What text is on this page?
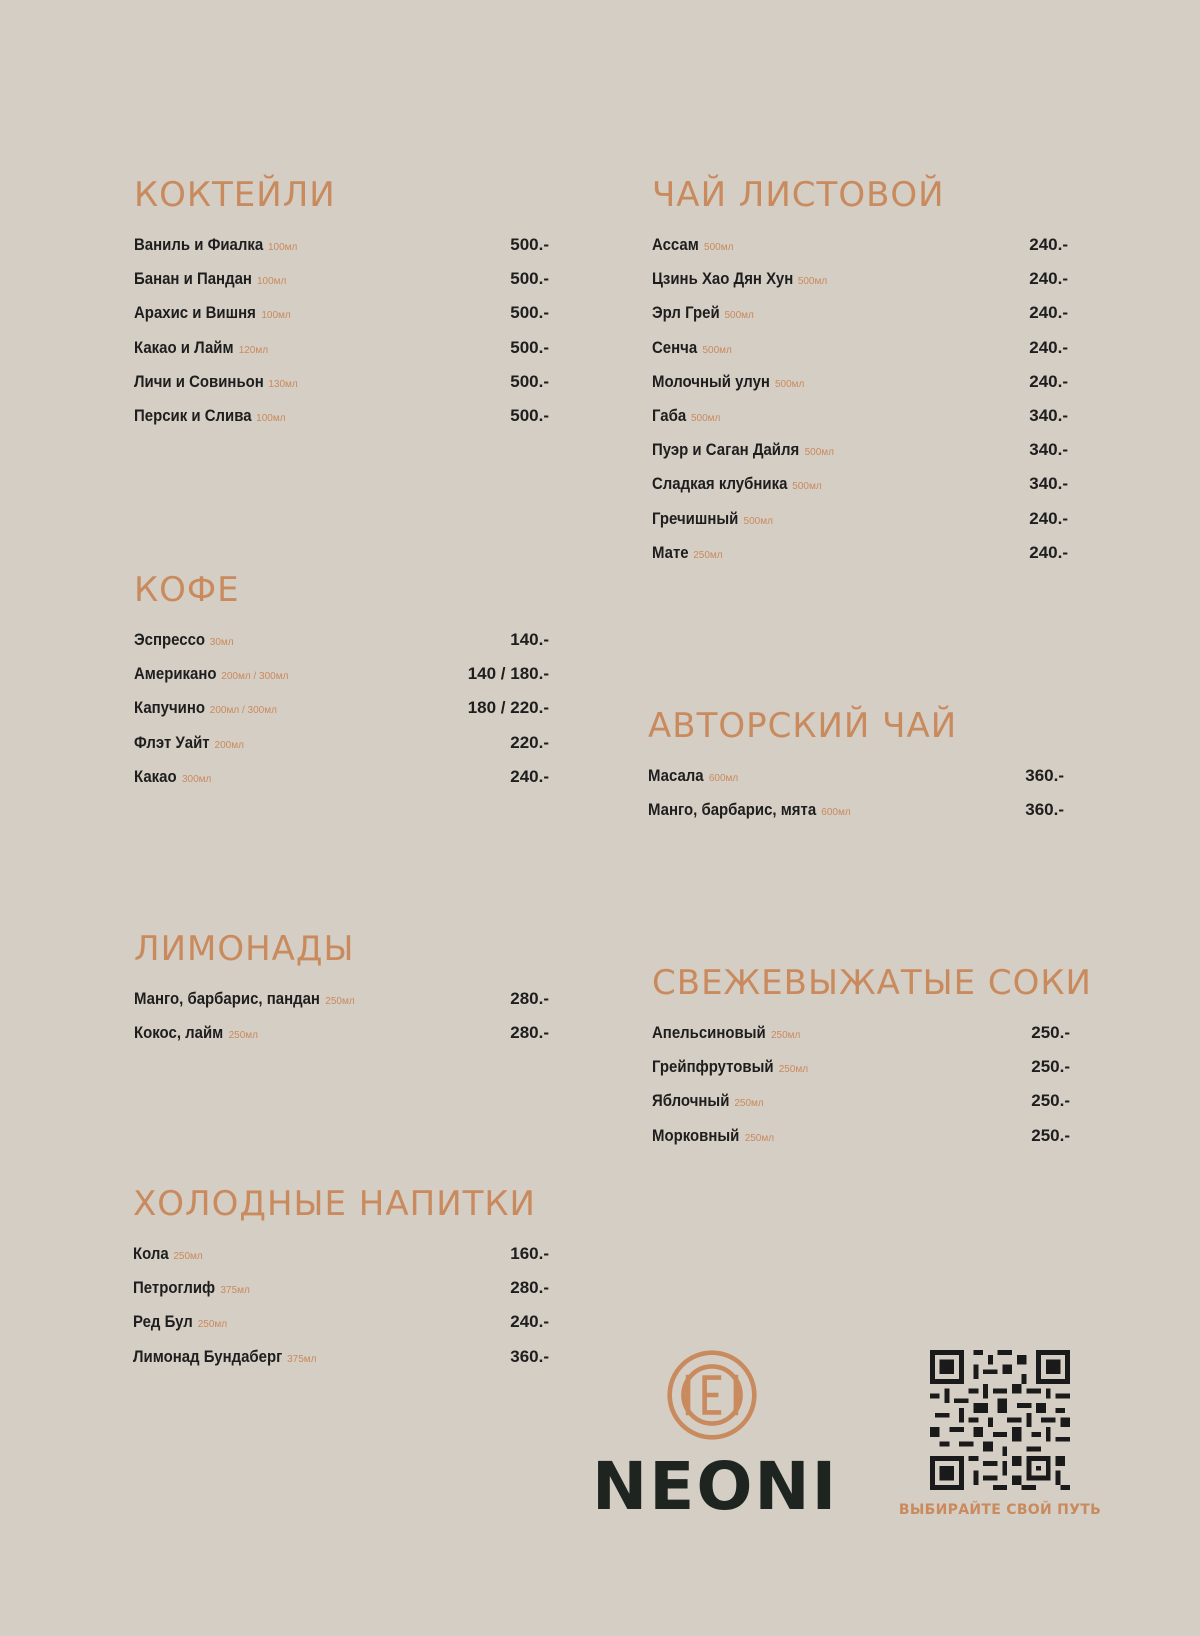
КОКТЕЙЛИ
Ваниль и Фиалка 100мл	500.-
Банан и Пандан 100мл	500.-
Арахис и Вишня 100мл	500.-
Какао и Лайм 120мл	500.-
Личи и Совиньон 130мл	500.-
Персик и Слива 100мл	500.-
КОФЕ
Эспрессо 30мл	140.-
Американо 200мл / 300мл	140 / 180.-
Капучино 200мл / 300мл	180 / 220.-
Флэт Уайт 200мл	220.-
Какао 300мл	240.-
ЛИМОНАДЫ
Манго, барбарис, пандан 250мл	280.-
Кокос, лайм 250мл	280.-
ХОЛОДНЫЕ НАПИТКИ
Кола 250мл	160.-
Петроглиф 375мл	280.-
Ред Бул 250мл	240.-
Лимонад Бундаберг 375мл	360.-
ЧАЙ ЛИСТОВОЙ
Ассам 500мл	240.-
Цзинь Хао Дян Хун 500мл	240.-
Эрл Грей 500мл	240.-
Сенча 500мл	240.-
Молочный улун 500мл	240.-
Габа 500мл	340.-
Пуэр и Саган Дайля 500мл	340.-
Сладкая клубника 500мл	340.-
Гречишный 500мл	240.-
Мате 250мл	240.-
АВТОРСКИЙ ЧАЙ
Масала 600мл	360.-
Манго, барбарис, мята 600мл	360.-
СВЕЖЕВЫЖАТЫЕ СОКИ
Апельсиновый 250мл	250.-
Грейпфрутовый 250мл	250.-
Яблочный 250мл	250.-
Морковный 250мл	250.-
NEONI	ВЫБИРАЙТЕ СВОЙ ПУТЬ
